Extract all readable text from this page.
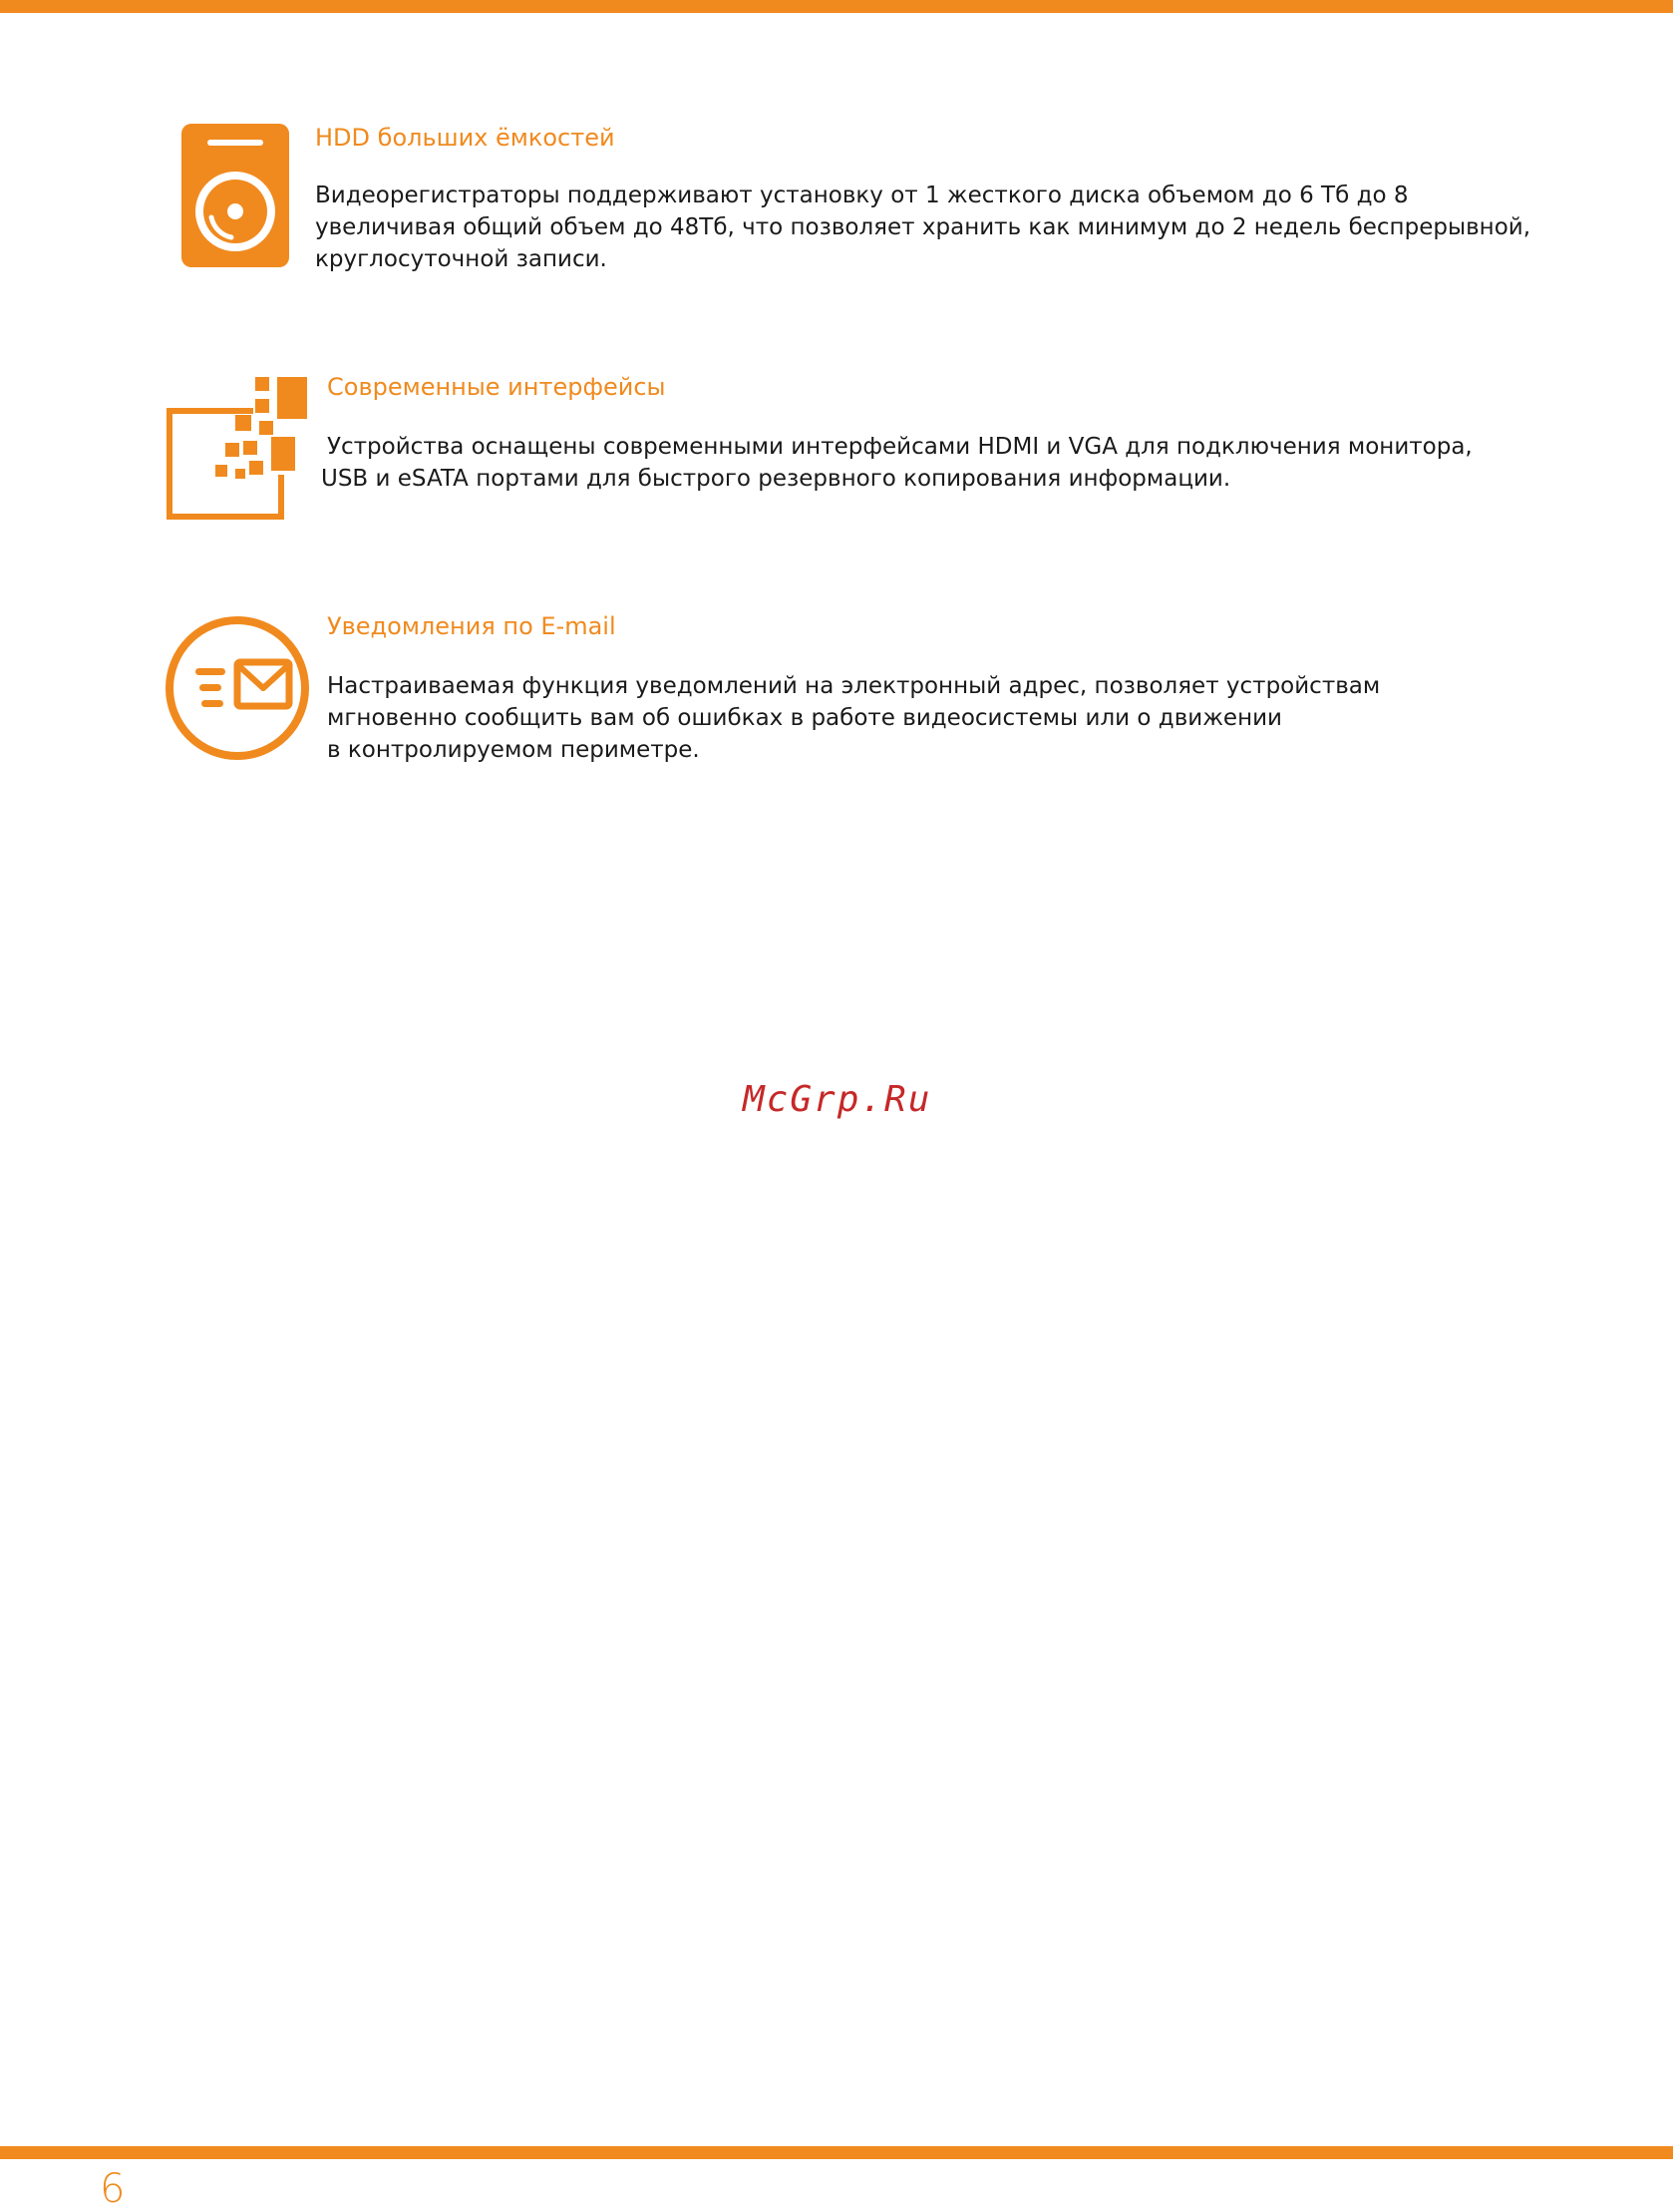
HDD больших ёмкостей
Видеорегистраторы поддерживают установку от 1 жесткого диска объемом до 6 Тб до 8
увеличивая общий объем до 48Тб, что позволяет хранить как минимум до 2 недель беспрерывной,
круглосуточной записи.
Современные интерфейсы
Устройства оснащены современными интерфейсами HDMI и VGA для подключения монитора,
USB и eSATA портами для быстрого резервного копирования информации.
Уведомления по E-mail
Настраиваемая функция уведомлений на электронный адрес, позволяет устройствам
мгновенно сообщить вам об ошибках в работе видеосистемы или о движении
в контролируемом периметре.
McGrp.Ru
6
